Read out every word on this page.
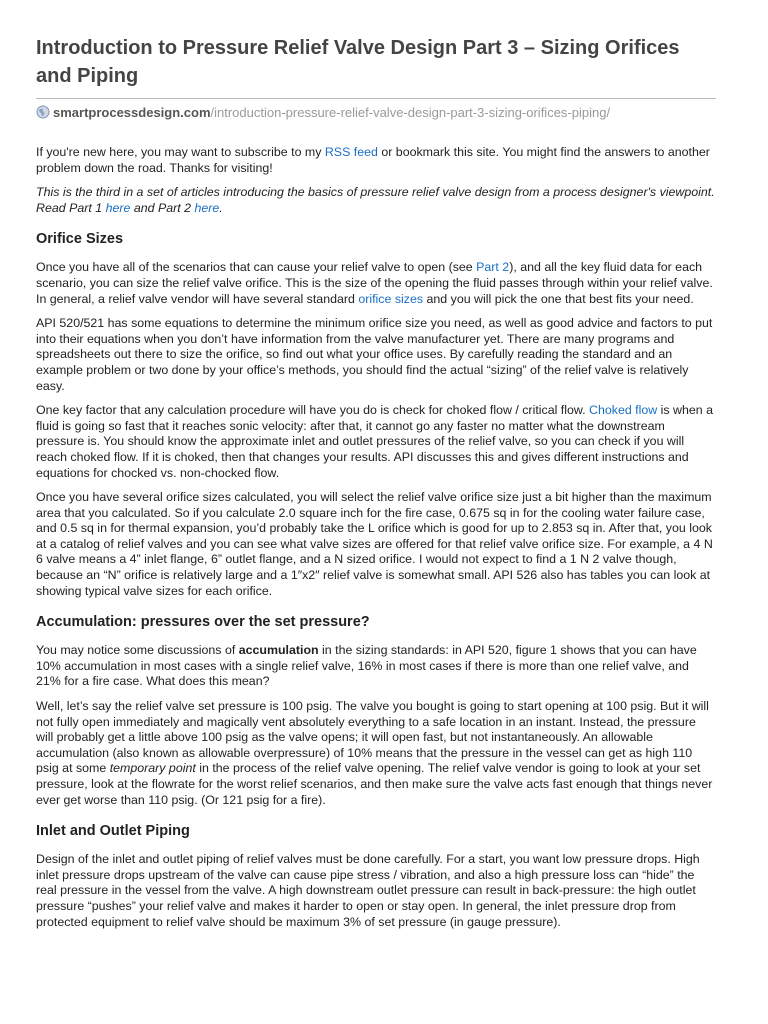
Introduction to Pressure Relief Valve Design Part 3 – Sizing Orifices and Piping
smartprocessdesign.com/introduction-pressure-relief-valve-design-part-3-sizing-orifices-piping/

If you're new here, you may want to subscribe to my RSS feed or bookmark this site. You might find the answers to another problem down the road. Thanks for visiting!

This is the third in a set of articles introducing the basics of pressure relief valve design from a process designer's viewpoint. Read Part 1 here and Part 2 here.

Orifice Sizes

Once you have all of the scenarios that can cause your relief valve to open (see Part 2), and all the key fluid data for each scenario, you can size the relief valve orifice. This is the size of the opening the fluid passes through within your relief valve. In general, a relief valve vendor will have several standard orifice sizes and you will pick the one that best fits your need.

API 520/521 has some equations to determine the minimum orifice size you need, as well as good advice and factors to put into their equations when you don’t have information from the valve manufacturer yet. There are many programs and spreadsheets out there to size the orifice, so find out what your office uses. By carefully reading the standard and an example problem or two done by your office’s methods, you should find the actual “sizing” of the relief valve is relatively easy.

One key factor that any calculation procedure will have you do is check for choked flow / critical flow. Choked flow is when a fluid is going so fast that it reaches sonic velocity: after that, it cannot go any faster no matter what the downstream pressure is. You should know the approximate inlet and outlet pressures of the relief valve, so you can check if you will reach choked flow. If it is choked, then that changes your results. API discusses this and gives different instructions and equations for chocked vs. non-chocked flow.

Once you have several orifice sizes calculated, you will select the relief valve orifice size just a bit higher than the maximum area that you calculated. So if you calculate 2.0 square inch for the fire case, 0.675 sq in for the cooling water failure case, and 0.5 sq in for thermal expansion, you’d probably take the L orifice which is good for up to 2.853 sq in. After that, you look at a catalog of relief valves and you can see what valve sizes are offered for that relief valve orifice size. For example, a 4 N 6 valve means a 4” inlet flange, 6” outlet flange, and a N sized orifice. I would not expect to find a 1 N 2 valve though, because an “N” orifice is relatively large and a 1″x2″ relief valve is somewhat small. API 526 also has tables you can look at showing typical valve sizes for each orifice.

Accumulation: pressures over the set pressure?

You may notice some discussions of accumulation in the sizing standards: in API 520, figure 1 shows that you can have 10% accumulation in most cases with a single relief valve, 16% in most cases if there is more than one relief valve, and 21% for a fire case. What does this mean?

Well, let’s say the relief valve set pressure is 100 psig. The valve you bought is going to start opening at 100 psig. But it will not fully open immediately and magically vent absolutely everything to a safe location in an instant. Instead, the pressure will probably get a little above 100 psig as the valve opens; it will open fast, but not instantaneously. An allowable accumulation (also known as allowable overpressure) of 10% means that the pressure in the vessel can get as high 110 psig at some temporary point in the process of the relief valve opening. The relief valve vendor is going to look at your set pressure, look at the flowrate for the worst relief scenarios, and then make sure the valve acts fast enough that things never ever get worse than 110 psig. (Or 121 psig for a fire).

Inlet and Outlet Piping

Design of the inlet and outlet piping of relief valves must be done carefully. For a start, you want low pressure drops. High inlet pressure drops upstream of the valve can cause pipe stress / vibration, and also a high pressure loss can “hide” the real pressure in the vessel from the valve. A high downstream outlet pressure can result in back-pressure: the high outlet pressure “pushes” your relief valve and makes it harder to open or stay open. In general, the inlet pressure drop from protected equipment to relief valve should be maximum 3% of set pressure (in gauge pressure).
